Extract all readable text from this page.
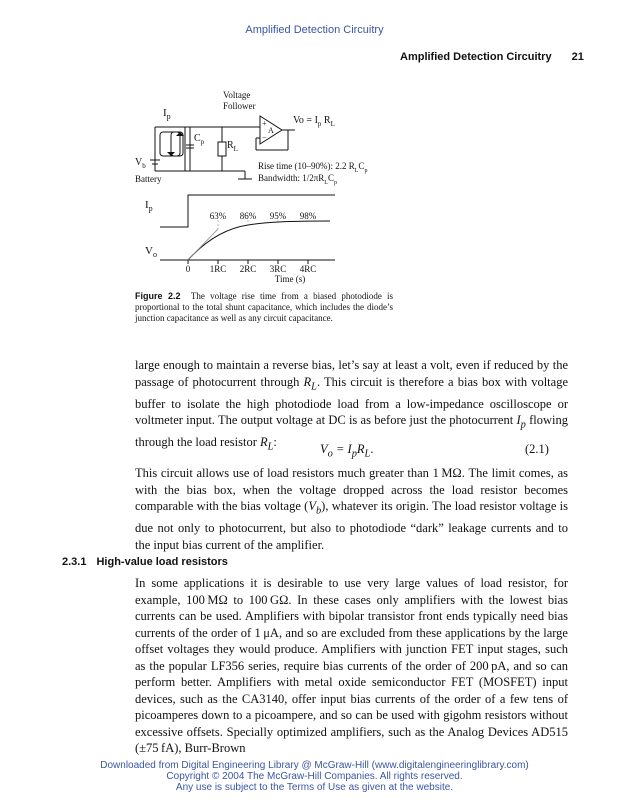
Amplified Detection Circuitry
Amplified Detection Circuitry 21
$I_p$
Voltage
Follower
+
−
A
$Vo = I_p$ $R_L$
$C_p$ $R_L$
$V_b$
Battery
Rise time (10–90%): 2.2 $R_LC_p$
Bandwidth: $1/2\pi R_LC_p$
$I_p$
$V_o$
63% 86% 95% 98%
0 1RC 2RC 3RC 4RC
Time (s)
Figure 2.2 The voltage rise time from a biased photodiode is proportional to the total shunt capacitance, which includes the diode’s junction capacitance as well as any circuit capacitance.

large enough to maintain a reverse bias, let’s say at least a volt, even if reduced by the passage of photocurrent through $R_L$. This circuit is therefore a bias box with voltage buffer to isolate the high photodiode load from a low-impedance oscilloscope or voltmeter input. The output voltage at DC is as before just the photocurrent $I_p$ flowing through the load resistor $R_L$:	$V_o = I_pR_L$.	(2.1)

This circuit allows use of load resistors much greater than 1 MΩ. The limit comes, as with the bias box, when the voltage dropped across the load resistor becomes comparable with the bias voltage $(V_b)$, whatever its origin. The load resistor voltage is due not only to photocurrent, but also to photodiode “dark” leakage currents and to the input bias current of the amplifier.

2.3.1 High-value load resistors

In some applications it is desirable to use very large values of load resistor, for example, 100 MΩ to 100 GΩ. In these cases only amplifiers with the lowest bias currents can be used. Amplifiers with bipolar transistor front ends typically need bias currents of the order of 1 μA, and so are excluded from these applications by the large offset voltages they would produce. Amplifiers with junction FET input stages, such as the popular LF356 series, require bias currents of the order of 200 pA, and so can perform better. Amplifiers with metal oxide semiconductor FET (MOSFET) input devices, such as the CA3140, offer input bias currents of the order of a few tens of picoamperes down to a picoampere, and so can be used with gigohm resistors without excessive offsets. Specially optimized amplifiers, such as the Analog Devices AD515 (±75 fA), Burr-Brown

Downloaded from Digital Engineering Library @ McGraw-Hill (www.digitalengineeringlibrary.com)
Copyright © 2004 The McGraw-Hill Companies. All rights reserved.
Any use is subject to the Terms of Use as given at the website.
